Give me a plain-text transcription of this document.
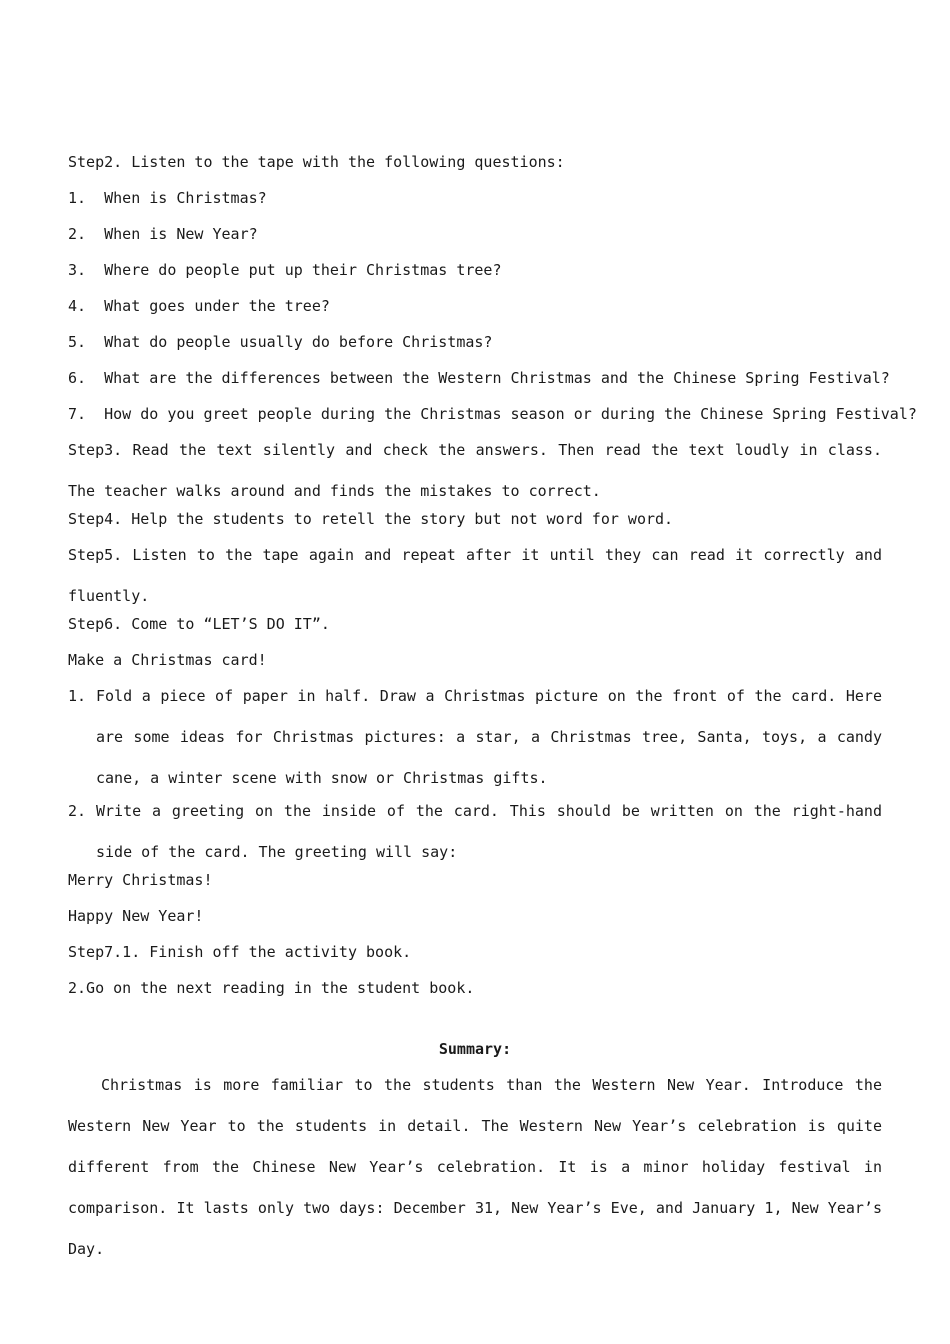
Step2. Listen to the tape with the following questions:
1. When is Christmas?
2. When is New Year?
3. Where do people put up their Christmas tree?
4. What goes under the tree?
5. What do people usually do before Christmas?
6. What are the differences between the Western Christmas and the Chinese Spring Festival?
7. How do you greet people during the Christmas season or during the Chinese Spring Festival?
Step3. Read the text silently and check the answers. Then read the text loudly in class. The teacher walks around and finds the mistakes to correct.
Step4. Help the students to retell the story but not word for word.
Step5. Listen to the tape again and repeat after it until they can read it correctly and fluently.
Step6. Come to “LET’S DO IT”.
Make a Christmas card!
1. Fold a piece of paper in half. Draw a Christmas picture on the front of the card. Here are some ideas for Christmas pictures: a star, a Christmas tree, Santa, toys, a candy cane, a winter scene with snow or Christmas gifts.
2. Write a greeting on the inside of the card. This should be written on the right-hand side of the card. The greeting will say:
Merry Christmas!
Happy New Year!
Step7.1. Finish off the activity book.
2.Go on the next reading in the student book.
Summary:
Christmas is more familiar to the students than the Western New Year. Introduce the Western New Year to the students in detail. The Western New Year’s celebration is quite different from the Chinese New Year’s celebration. It is a minor holiday festival in comparison. It lasts only two days: December 31, New Year’s Eve, and January 1, New Year’s Day.
